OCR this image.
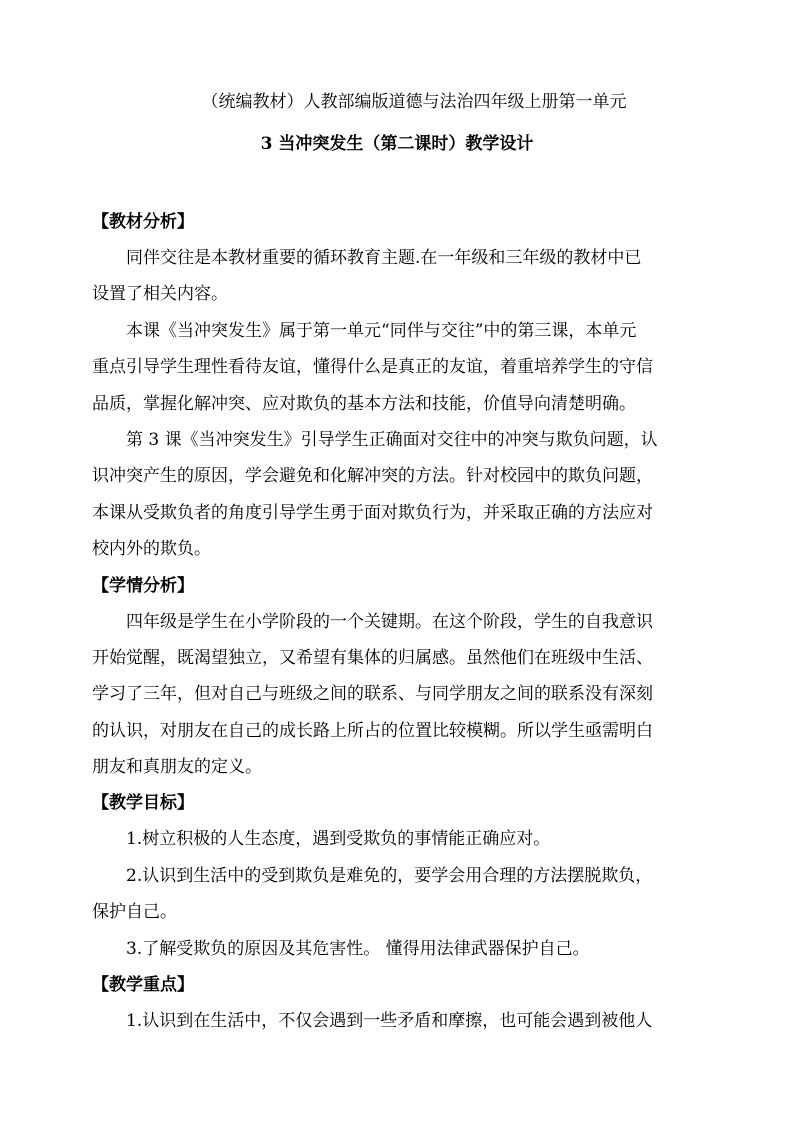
（统编教材）人教部编版道德与法治四年级上册第一单元
3 当冲突发生（第二课时）教学设计
【教材分析】
同伴交往是本教材重要的循环教育主题.在一年级和三年级的教材中已
设置了相关内容。
本课《当冲突发生》属于第一单元“同伴与交往”中的第三课，本单元
重点引导学生理性看待友谊，懂得什么是真正的友谊，着重培养学生的守信
品质，掌握化解冲突、应对欺负的基本方法和技能，价值导向清楚明确。
第 3 课《当冲突发生》引导学生正确面对交往中的冲突与欺负问题，认
识冲突产生的原因，学会避免和化解冲突的方法。针对校园中的欺负问题，
本课从受欺负者的角度引导学生勇于面对欺负行为，并采取正确的方法应对
校内外的欺负。
【学情分析】
四年级是学生在小学阶段的一个关键期。在这个阶段，学生的自我意识
开始觉醒，既渴望独立，又希望有集体的归属感。虽然他们在班级中生活、
学习了三年，但对自己与班级之间的联系、与同学朋友之间的联系没有深刻
的认识，对朋友在自己的成长路上所占的位置比较模糊。所以学生亟需明白
朋友和真朋友的定义。
【教学目标】
1.树立积极的人生态度，遇到受欺负的事情能正确应对。
2.认识到生活中的受到欺负是难免的，要学会用合理的方法摆脱欺负，
保护自己。
3.了解受欺负的原因及其危害性。 懂得用法律武器保护自己。
【教学重点】
1.认识到在生活中，不仅会遇到一些矛盾和摩擦，也可能会遇到被他人
